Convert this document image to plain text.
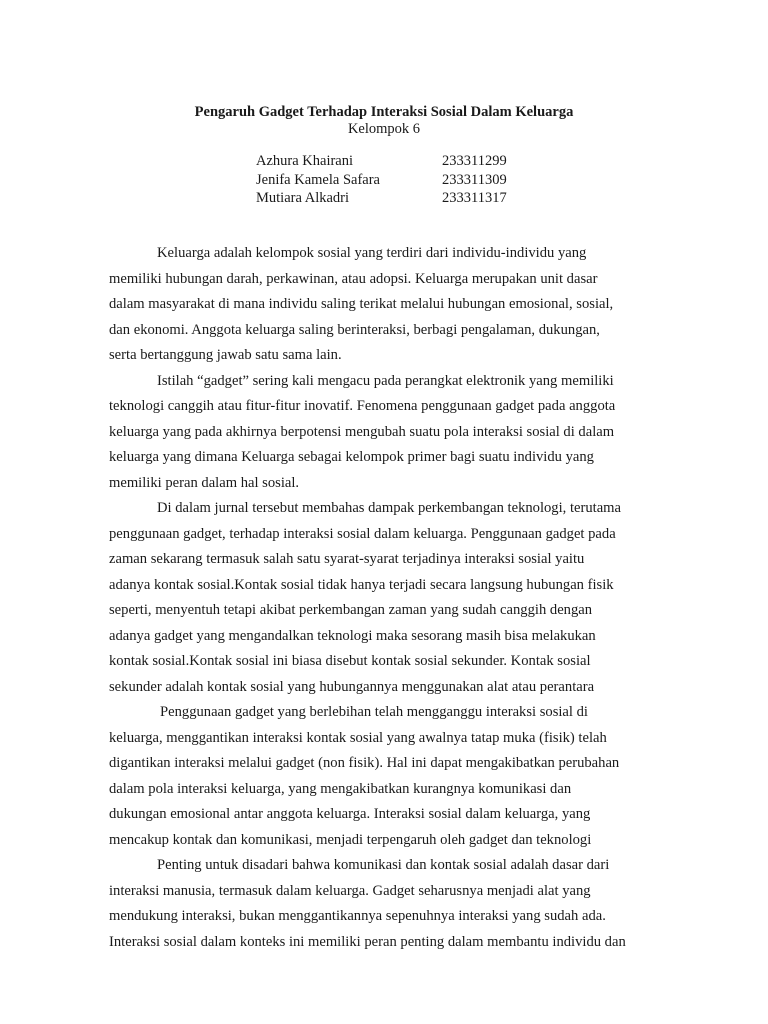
Pengaruh Gadget Terhadap Interaksi Sosial Dalam Keluarga
Kelompok 6
Azhura Khairani	233311299
Jenifa Kamela Safara	233311309
Mutiara Alkadri	233311317

Keluarga adalah kelompok sosial yang terdiri dari individu-individu yang
memiliki hubungan darah, perkawinan, atau adopsi. Keluarga merupakan unit dasar
dalam masyarakat di mana individu saling terikat melalui hubungan emosional, sosial,
dan ekonomi. Anggota keluarga saling berinteraksi, berbagi pengalaman, dukungan,
serta bertanggung jawab satu sama lain.

Istilah “gadget” sering kali mengacu pada perangkat elektronik yang memiliki
teknologi canggih atau fitur-fitur inovatif. Fenomena penggunaan gadget pada anggota
keluarga yang pada akhirnya berpotensi mengubah suatu pola interaksi sosial di dalam
keluarga yang dimana Keluarga sebagai kelompok primer bagi suatu individu yang
memiliki peran dalam hal sosial.

Di dalam jurnal tersebut membahas dampak perkembangan teknologi, terutama
penggunaan gadget, terhadap interaksi sosial dalam keluarga. Penggunaan gadget pada
zaman sekarang termasuk salah satu syarat-syarat terjadinya interaksi sosial yaitu
adanya kontak sosial.Kontak sosial tidak hanya terjadi secara langsung hubungan fisik
seperti, menyentuh tetapi akibat perkembangan zaman yang sudah canggih dengan
adanya gadget yang mengandalkan teknologi maka sesorang masih bisa melakukan
kontak sosial.Kontak sosial ini biasa disebut kontak sosial sekunder. Kontak sosial
sekunder adalah kontak sosial yang hubungannya menggunakan alat atau perantara

Penggunaan gadget yang berlebihan telah mengganggu interaksi sosial di
keluarga, menggantikan interaksi kontak sosial yang awalnya tatap muka (fisik) telah
digantikan interaksi melalui gadget (non fisik). Hal ini dapat mengakibatkan perubahan
dalam pola interaksi keluarga, yang mengakibatkan kurangnya komunikasi dan
dukungan emosional antar anggota keluarga. Interaksi sosial dalam keluarga, yang
mencakup kontak dan komunikasi, menjadi terpengaruh oleh gadget dan teknologi

Penting untuk disadari bahwa komunikasi dan kontak sosial adalah dasar dari
interaksi manusia, termasuk dalam keluarga. Gadget seharusnya menjadi alat yang
mendukung interaksi, bukan menggantikannya sepenuhnya interaksi yang sudah ada.
Interaksi sosial dalam konteks ini memiliki peran penting dalam membantu individu dan
